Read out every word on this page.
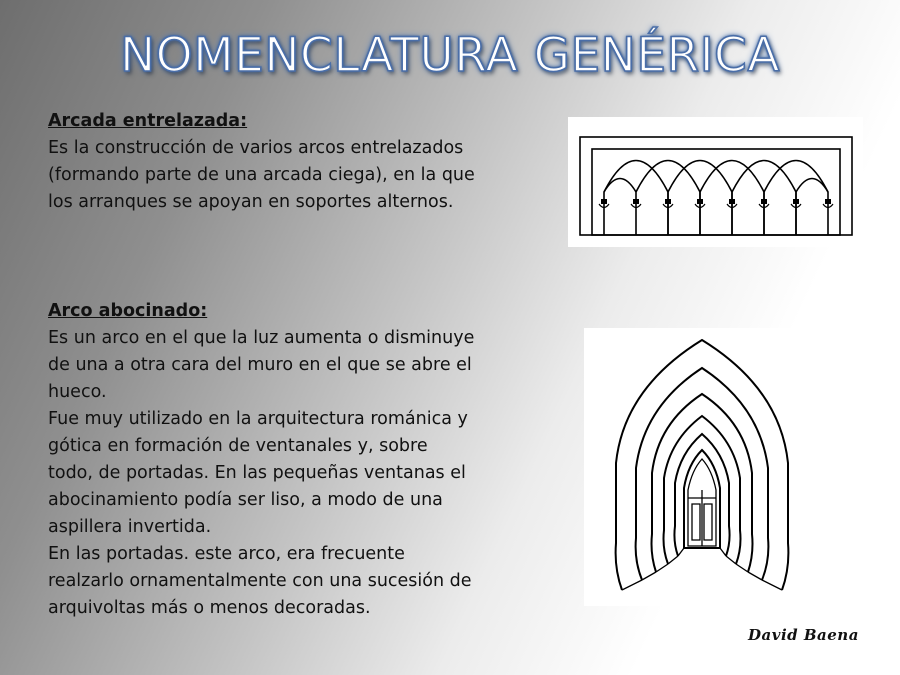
NOMENCLATURA GENÉRICA
Arcada entrelazada:

Es la construcción de varios arcos entrelazados (formando parte de una arcada ciega), en la que los arranques se apoyan en soportes alternos.

Arco abocinado:

Es un arco en el que la luz aumenta o disminuye de una a otra cara del muro en el que se abre el hueco.

Fue muy utilizado en la arquitectura románica y gótica en formación de ventanales y, sobre todo, de portadas. En las pequeñas ventanas el abocinamiento podía ser liso, a modo de una aspillera invertida.

En las portadas. este arco, era frecuente realzarlo ornamentalmente con una sucesión de arquivoltas más o menos decoradas.

David Baena
